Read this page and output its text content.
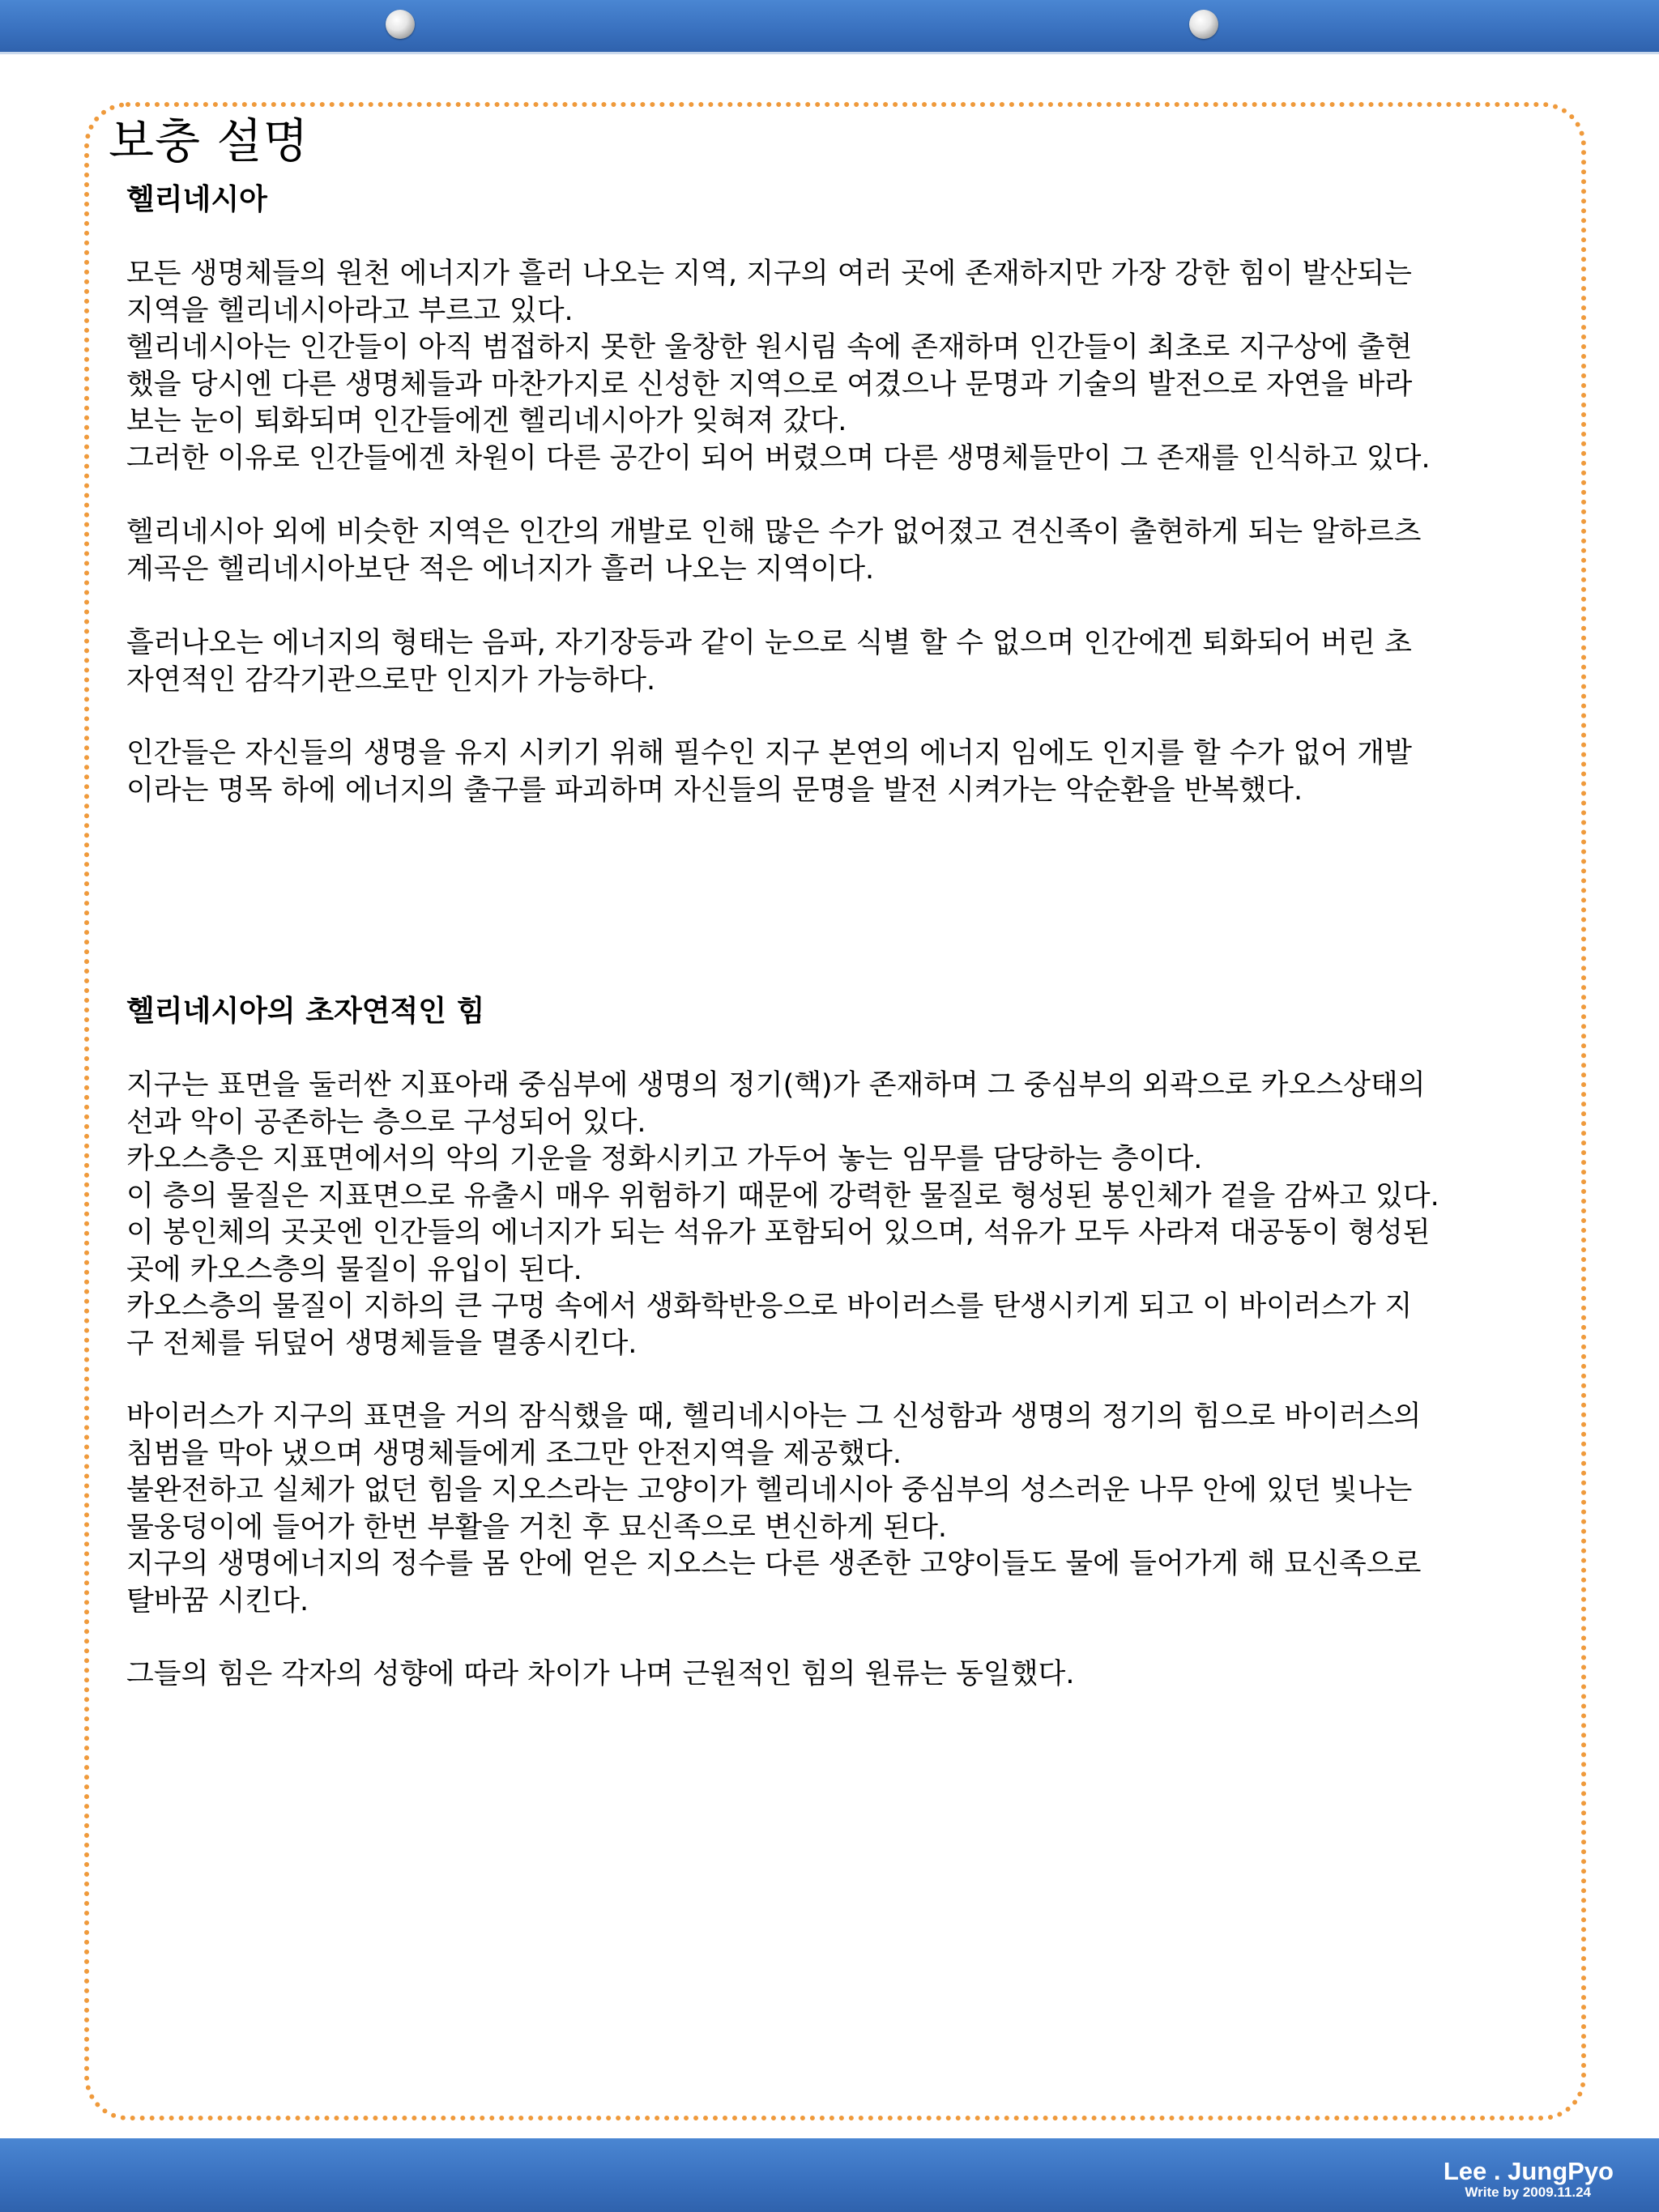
보충 설명
헬리네시아

모든 생명체들의 원천 에너지가 흘러 나오는 지역, 지구의 여러 곳에 존재하지만 가장 강한 힘이 발산되는
지역을 헬리네시아라고 부르고 있다.
헬리네시아는 인간들이 아직 범접하지 못한 울창한 원시림 속에 존재하며 인간들이 최초로 지구상에 출현
했을 당시엔 다른 생명체들과 마찬가지로 신성한 지역으로 여겼으나 문명과 기술의 발전으로 자연을 바라
보는 눈이 퇴화되며 인간들에겐 헬리네시아가 잊혀져 갔다.
그러한 이유로 인간들에겐 차원이 다른 공간이 되어 버렸으며 다른 생명체들만이 그 존재를 인식하고 있다.

헬리네시아 외에 비슷한 지역은 인간의 개발로 인해 많은 수가 없어졌고 견신족이 출현하게 되는 알하르츠
계곡은 헬리네시아보단 적은 에너지가 흘러 나오는 지역이다.

흘러나오는 에너지의 형태는 음파, 자기장등과 같이 눈으로 식별 할 수 없으며 인간에겐 퇴화되어 버린 초
자연적인 감각기관으로만 인지가 가능하다.

인간들은 자신들의 생명을 유지 시키기 위해 필수인 지구 본연의 에너지 임에도 인지를 할 수가 없어 개발
이라는 명목 하에 에너지의 출구를 파괴하며 자신들의 문명을 발전 시켜가는 악순환을 반복했다.

헬리네시아의 초자연적인 힘

지구는 표면을 둘러싼 지표아래 중심부에 생명의 정기(핵)가 존재하며 그 중심부의 외곽으로 카오스상태의
선과 악이 공존하는 층으로 구성되어 있다.
카오스층은 지표면에서의 악의 기운을 정화시키고 가두어 놓는 임무를 담당하는 층이다.
이 층의 물질은 지표면으로 유출시 매우 위험하기 때문에 강력한 물질로 형성된 봉인체가 겉을 감싸고 있다.
이 봉인체의 곳곳엔 인간들의 에너지가 되는 석유가 포함되어 있으며, 석유가 모두 사라져 대공동이 형성된
곳에 카오스층의 물질이 유입이 된다.
카오스층의 물질이 지하의 큰 구멍 속에서 생화학반응으로 바이러스를 탄생시키게 되고 이 바이러스가 지
구 전체를 뒤덮어 생명체들을 멸종시킨다.

바이러스가 지구의 표면을 거의 잠식했을 때, 헬리네시아는 그 신성함과 생명의 정기의 힘으로 바이러스의
침범을 막아 냈으며 생명체들에게 조그만 안전지역을 제공했다.
불완전하고 실체가 없던 힘을 지오스라는 고양이가 헬리네시아 중심부의 성스러운 나무 안에 있던 빛나는
물웅덩이에 들어가 한번 부활을 거친 후 묘신족으로 변신하게 된다.
지구의 생명에너지의 정수를 몸 안에 얻은 지오스는 다른 생존한 고양이들도 물에 들어가게 해 묘신족으로
탈바꿈 시킨다.

그들의 힘은 각자의 성향에 따라 차이가 나며 근원적인 힘의 원류는 동일했다.

Lee . JungPyo
Write by 2009.11.24
